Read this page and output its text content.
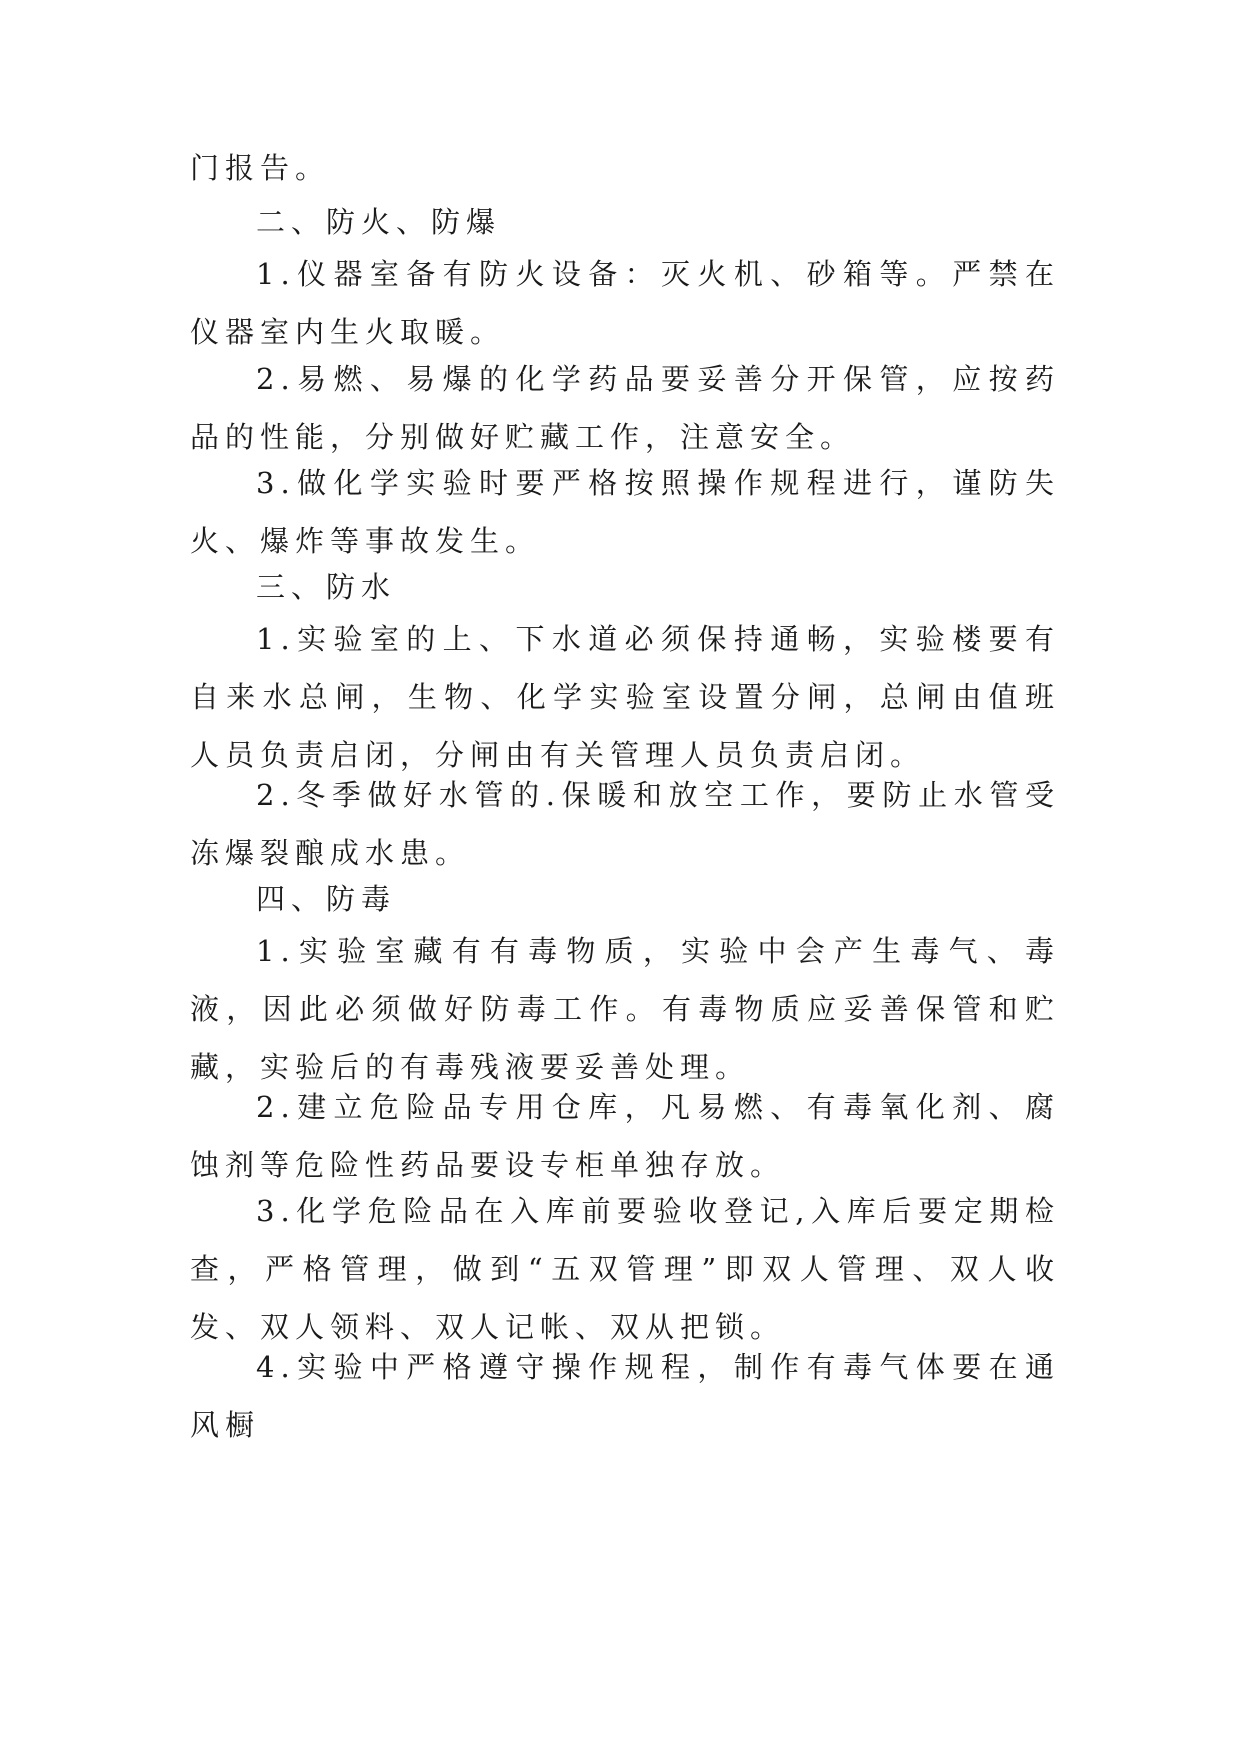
门报告。

二、防火、防爆

1.仪器室备有防火设备：灭火机、砂箱等。严禁在仪器室内生火取暖。

2.易燃、易爆的化学药品要妥善分开保管，应按药品的性能，分别做好贮藏工作，注意安全。

3.做化学实验时要严格按照操作规程进行，谨防失火、爆炸等事故发生。

三、防水

1.实验室的上、下水道必须保持通畅，实验楼要有自来水总闸，生物、化学实验室设置分闸，总闸由值班人员负责启闭，分闸由有关管理人员负责启闭。

2.冬季做好水管的.保暖和放空工作，要防止水管受冻爆裂酿成水患。

四、防毒

1.实验室藏有有毒物质，实验中会产生毒气、毒液，因此必须做好防毒工作。有毒物质应妥善保管和贮藏，实验后的有毒残液要妥善处理。

2.建立危险品专用仓库，凡易燃、有毒氧化剂、腐蚀剂等危险性药品要设专柜单独存放。

3.化学危险品在入库前要验收登记,入库后要定期检查，严格管理，做到“五双管理”即双人管理、双人收发、双人领料、双人记帐、双从把锁。

4.实验中严格遵守操作规程，制作有毒气体要在通风橱
